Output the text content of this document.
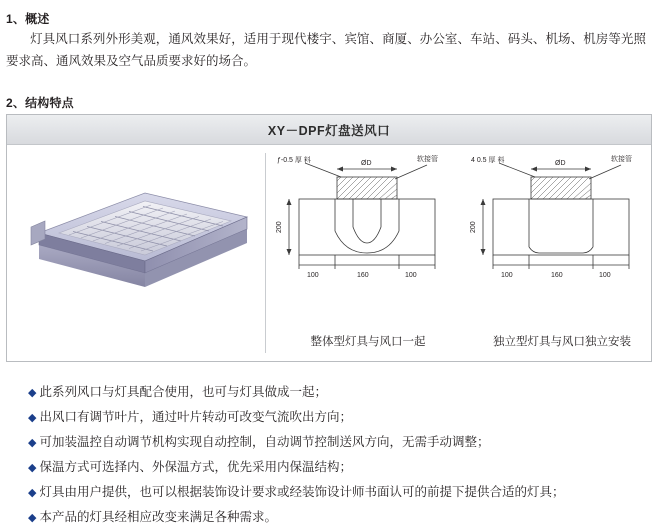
1、概述
灯具风口系列外形美观，通风效果好，适用于现代楼宇、宾馆、商厦、办公室、车站、码头、机场、机房等光照要求高、通风效果及空气品质要求好的场合。
2、结构特点
XY－DPF灯盘送风口
ƒ-0.5 厚 料	软接管
ØD
200
100	160	100
整体型灯具与风口一起
4 0.5 厚 料	软接管
ØD
200
100	160	100
独立型灯具与风口独立安装
◆ 此系列风口与灯具配合使用，也可与灯具做成一起；
◆ 出风口有调节叶片，通过叶片转动可改变气流吹出方向；
◆ 可加装温控自动调节机构实现自动控制，自动调节控制送风方向，无需手动调整；
◆ 保温方式可选择内、外保温方式，优先采用内保温结构；
◆ 灯具由用户提供，也可以根据装饰设计要求或经装饰设计师书面认可的前提下提供合适的灯具；
◆ 本产品的灯具经相应改变来满足各种需求。
